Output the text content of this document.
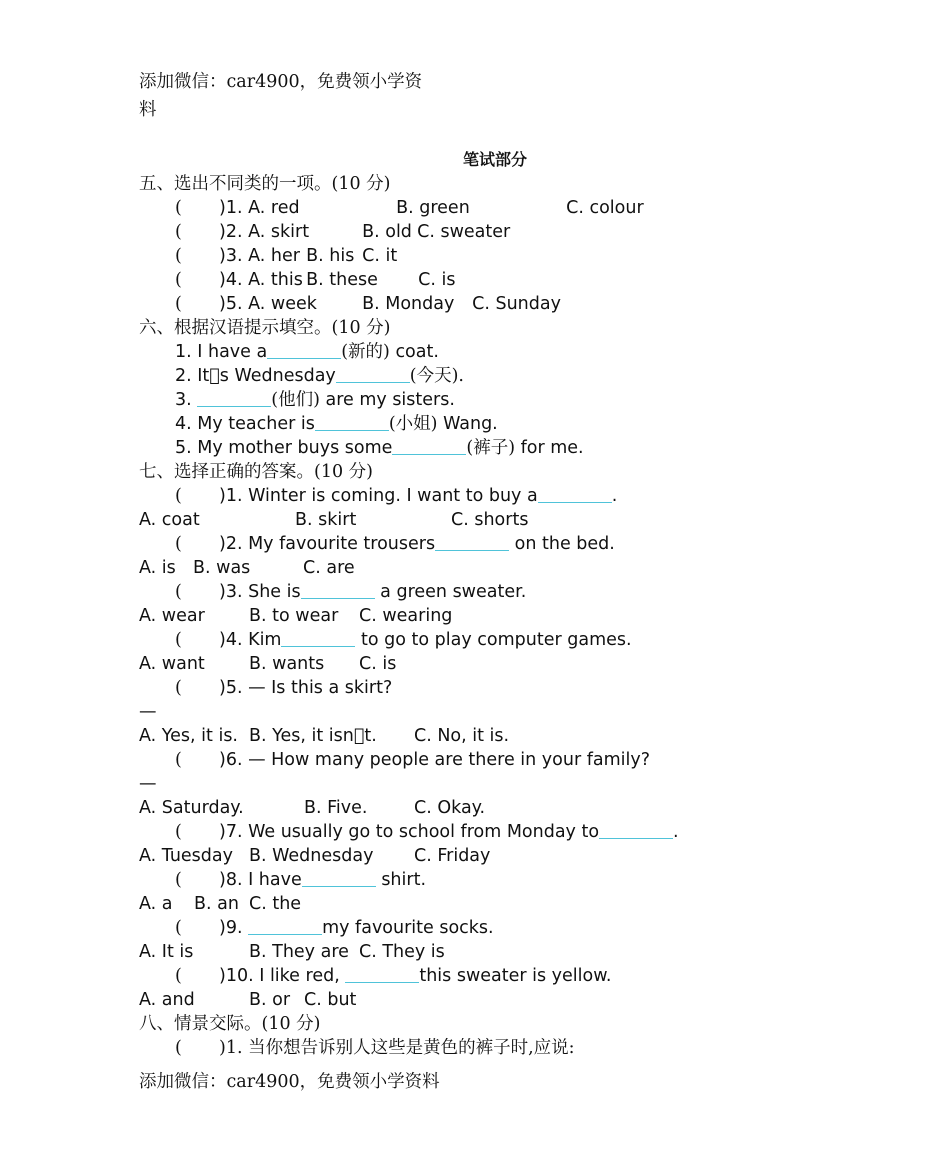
添加微信：car4900，免费领小学资
料
笔试部分
五、选出不同类的一项。(10 分)
( )1. A. red	B. green	C. colour
( )2. A. skirt	B. old C. sweater
( )3. A. her B. his C. it
( )4. A. this B. these C. is
( )5. A. week	B. Monday C. Sunday
六、根据汉语提示填空。(10 分)
1. I have a	(新的) coat.
2. It s Wednesday	(今天).
3.	(他们) are my sisters.
4. My teacher is	(小姐) Wang.
5. My mother buys some	(裤子) for me.
七、选择正确的答案。(10 分)
( )1. Winter is coming. I want to buy a	.
A. coat	B. skirt	C. shorts
( )2. My favourite trousers	on the bed.
A. is B. was	C. are
( )3. She is	a green sweater.
A. wear	B. to wear C. wearing
( )4. Kim	to go to play computer games.
A. want	B. wants C. is
( )5. — Is this a skirt?
—
A. Yes, it is. B. Yes, it isn t. C. No, it is.
( )6. — How many people are there in your family?
—
A. Saturday.	B. Five.	C. Okay.
( )7. We usually go to school from Monday to	.
A. Tuesday B. Wednesday C. Friday
( )8. I have	shirt.
A. a B. an C. the
( )9.	my favourite socks.
A. It is	B. They are C. They is
( )10. I like red,	this sweater is yellow.
A. and	B. or C. but
八、情景交际。(10 分)
( )1. 当你想告诉别人这些是黄色的裤子时,应说:
添加微信：car4900，免费领小学资料
